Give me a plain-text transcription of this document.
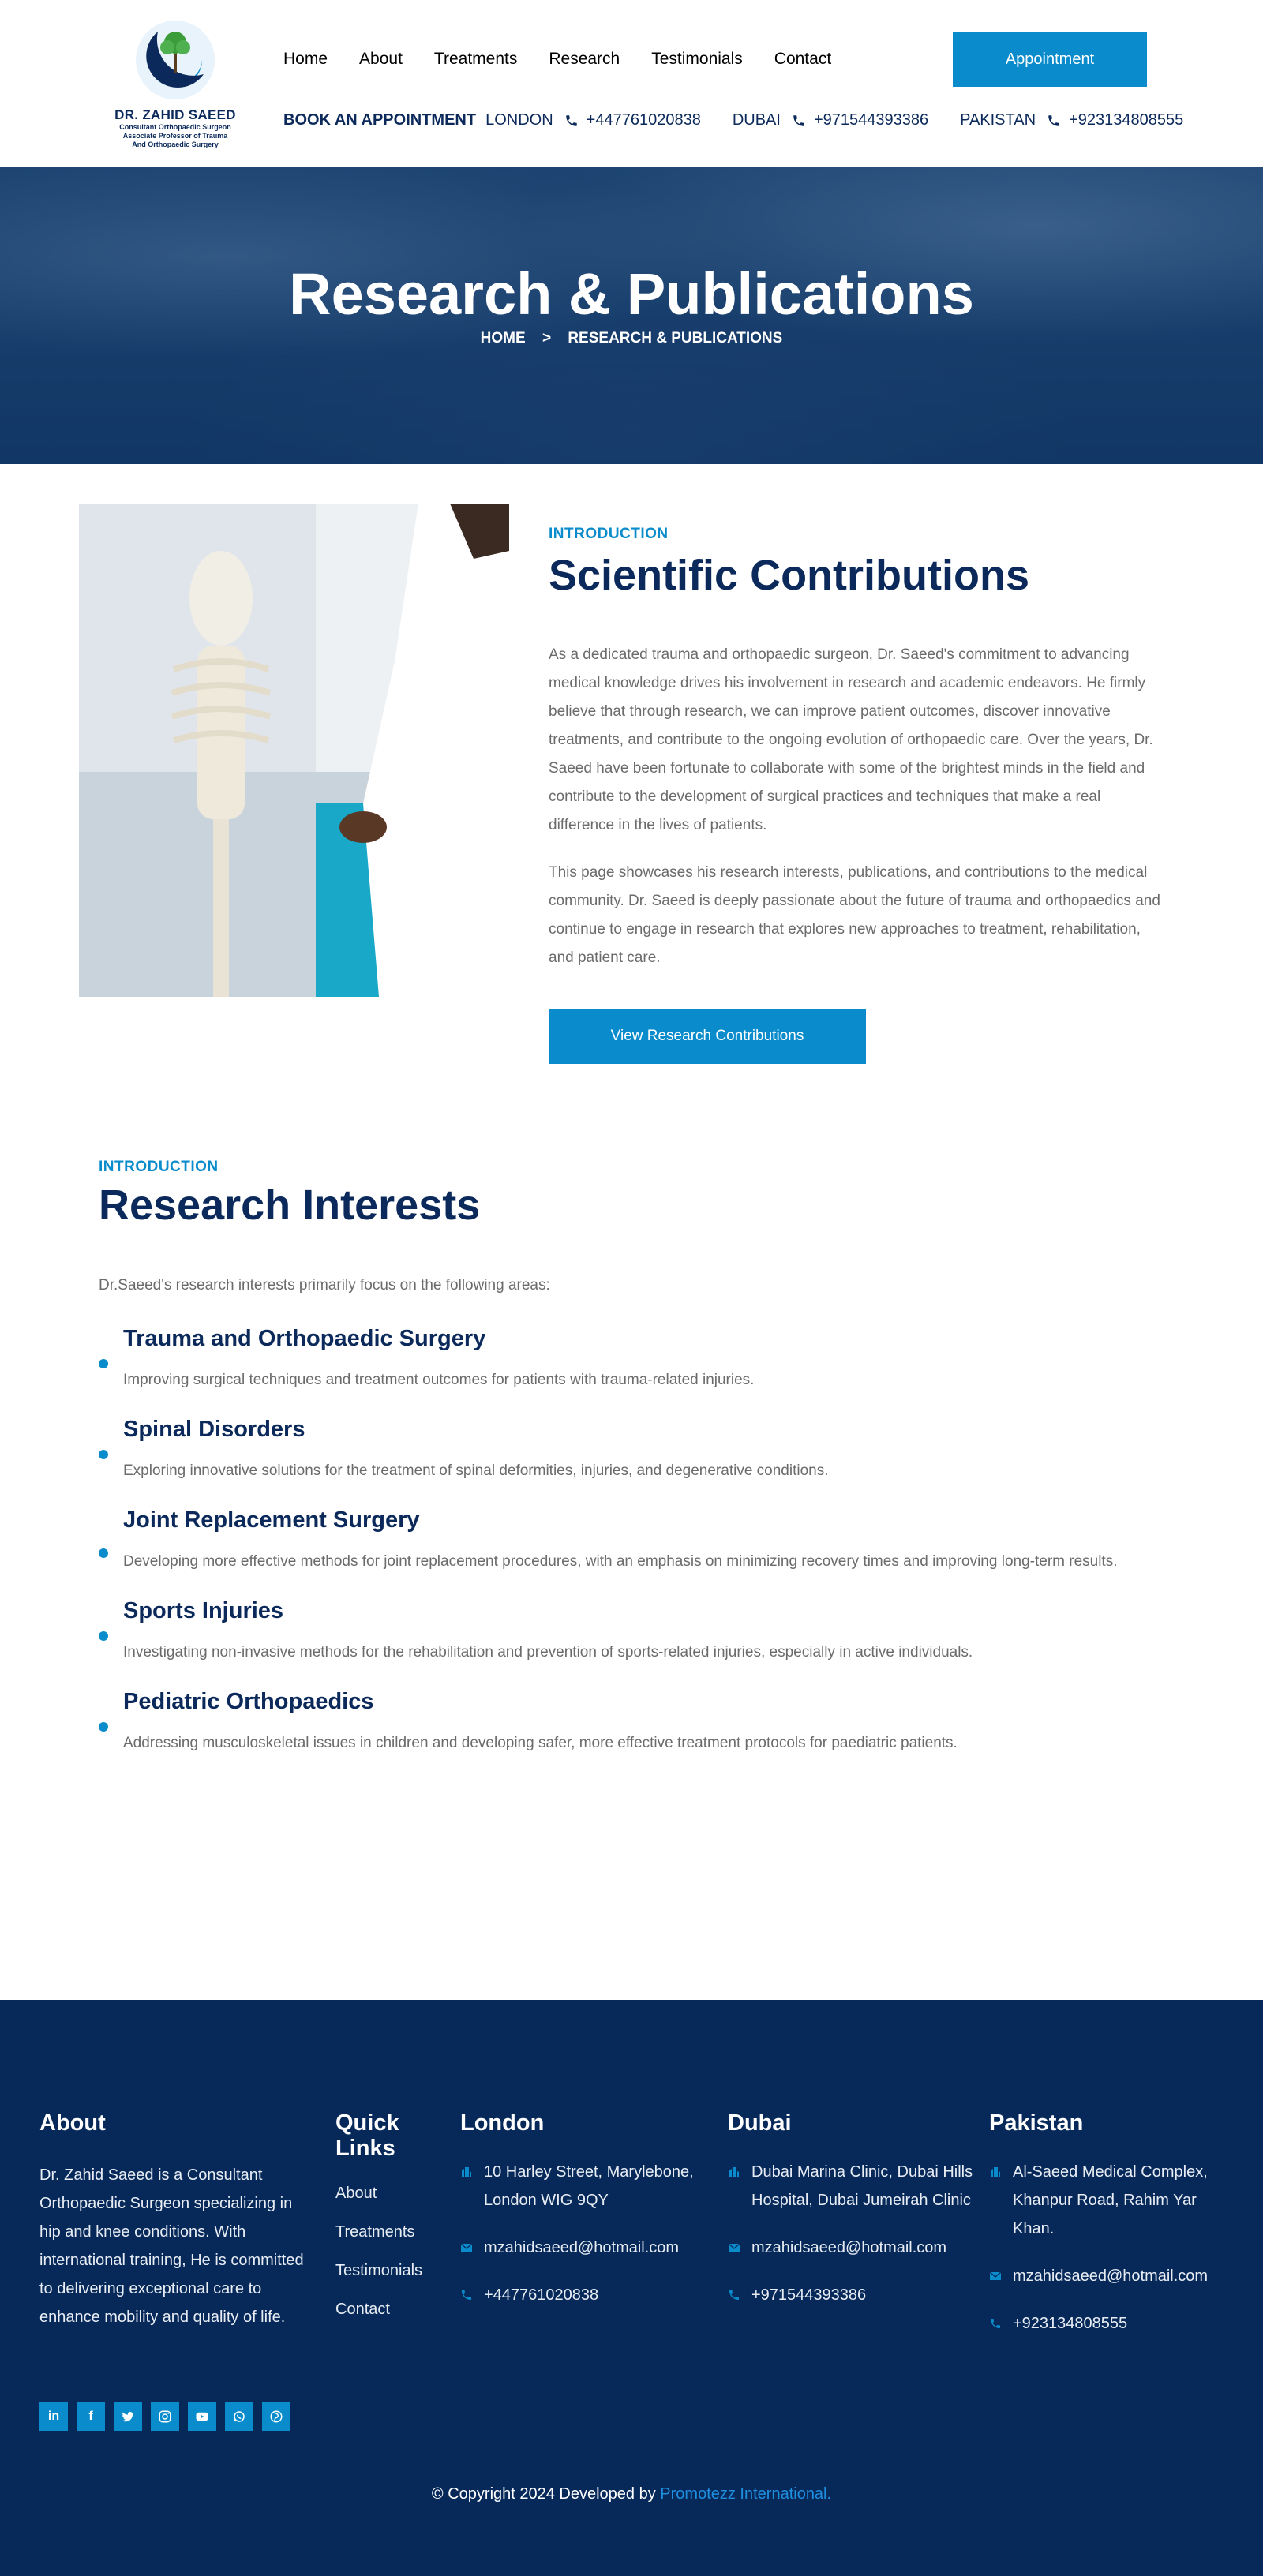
DR. ZAHID SAEED
Consultant Orthopaedic Surgeon
Associate Professor of Trauma
And Orthopaedic Surgery
Home About Treatments Research Testimonials Contact	Appointment
BOOK AN APPOINTMENT LONDON +447761020838 DUBAI +971544393386 PAKISTAN +923134808555
Research & Publications
HOME > RESEARCH & PUBLICATIONS
INTRODUCTION
Scientific Contributions

As a dedicated trauma and orthopaedic surgeon, Dr. Saeed's commitment to advancing medical knowledge drives his involvement in research and academic endeavors. He firmly believe that through research, we can improve patient outcomes, discover innovative treatments, and contribute to the ongoing evolution of orthopaedic care. Over the years, Dr. Saeed have been fortunate to collaborate with some of the brightest minds in the field and contribute to the development of surgical practices and techniques that make a real difference in the lives of patients.

This page showcases his research interests, publications, and contributions to the medical community. Dr. Saeed is deeply passionate about the future of trauma and orthopaedics and continue to engage in research that explores new approaches to treatment, rehabilitation, and patient care.

View Research Contributions
INTRODUCTION
Research Interests

Dr.Saeed's research interests primarily focus on the following areas:

Trauma and Orthopaedic Surgery

Improving surgical techniques and treatment outcomes for patients with trauma-related injuries.

Spinal Disorders

Exploring innovative solutions for the treatment of spinal deformities, injuries, and degenerative conditions.

Joint Replacement Surgery

Developing more effective methods for joint replacement procedures, with an emphasis on minimizing recovery times and improving long-term results.

Sports Injuries

Investigating non-invasive methods for the rehabilitation and prevention of sports-related injuries, especially in active individuals.

Pediatric Orthopaedics

Addressing musculoskeletal issues in children and developing safer, more effective treatment protocols for paediatric patients.

About

Dr. Zahid Saeed is a Consultant Orthopaedic Surgeon specializing in hip and knee conditions. With international training, He is committed to delivering exceptional care to enhance mobility and quality of life.

Quick Links
About
Treatments
Testimonials
Contact
London
10 Harley Street, Marylebone, London WIG 9QY
mzahidsaeed@hotmail.com
+447761020838
Dubai
Dubai Marina Clinic, Dubai Hills Hospital, Dubai Jumeirah Clinic
mzahidsaeed@hotmail.com
+971544393386
Pakistan
Al-Saeed Medical Complex, Khanpur Road, Rahim Yar Khan.
mzahidsaeed@hotmail.com
+923134808555
in	f
© Copyright 2024 Developed by Promotezz International.
